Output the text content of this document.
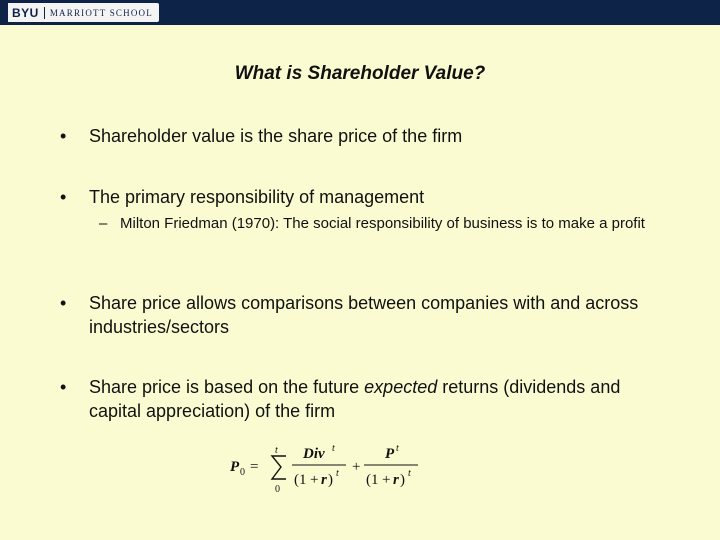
BYU MARRIOTT SCHOOL
What is Shareholder Value?
• Shareholder value is the share price of the firm
• The primary responsibility of management
– Milton Friedman (1970): The social responsibility of business is to make a profit
• Share price allows comparisons between companies with and across industries/sectors
• Share price is based on the future expected returns (dividends and capital appreciation) of the firm
P 0 =
t
0
Div t
(1 + r ) t +
P t
(1 + r ) t
